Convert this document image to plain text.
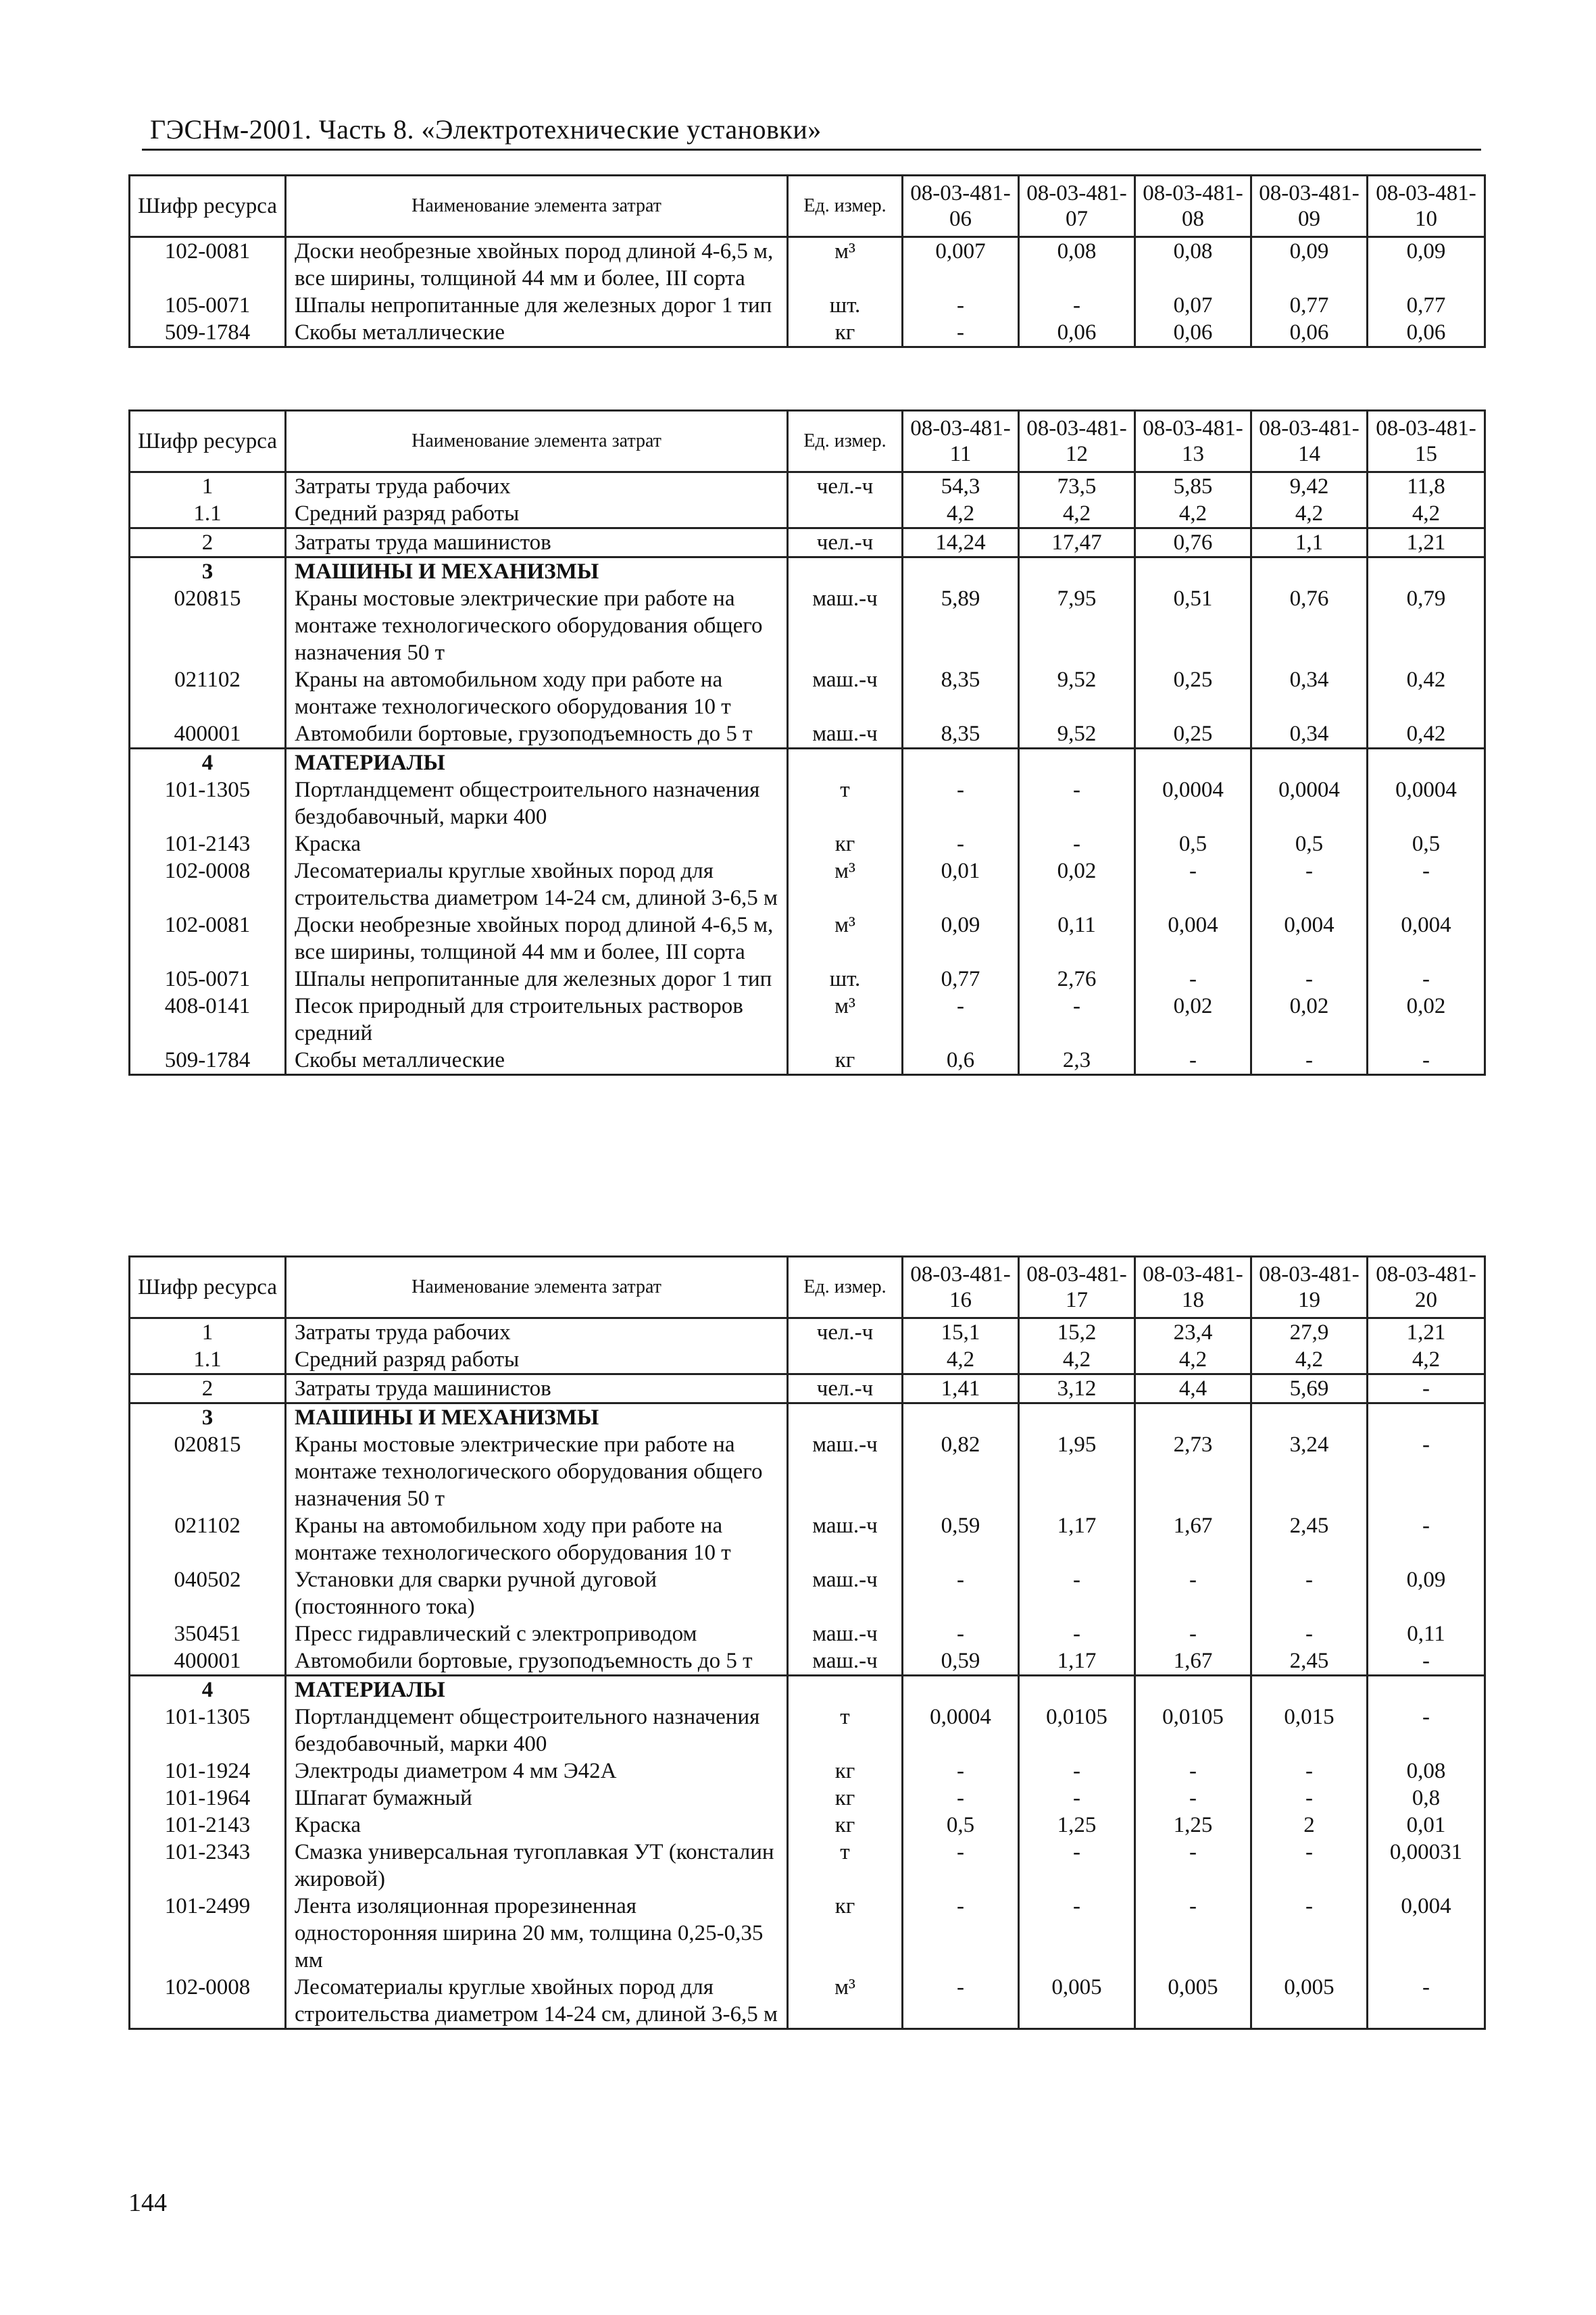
ГЭСНм-2001. Часть 8. «Электротехнические установки»
Шифр ресурса	Наименование элемента затрат	Ед. измер.	08-03-481-06	08-03-481-07	08-03-481-08	08-03-481-09	08-03-481-10
102-0081	Доски необрезные хвойных пород длиной 4-6,5 м, все ширины, толщиной 44 мм и более, III сорта	м³	0,007	0,08	0,08	0,09	0,09
105-0071	Шпалы непропитанные для железных дорог 1 тип	шт.	-	-	0,07	0,77	0,77
509-1784	Скобы металлические	кг	-	0,06	0,06	0,06	0,06
Шифр ресурса	Наименование элемента затрат	Ед. измер.	08-03-481-11	08-03-481-12	08-03-481-13	08-03-481-14	08-03-481-15
1	Затраты труда рабочих	чел.-ч	54,3	73,5	5,85	9,42	11,8
1.1	Средний разряд работы		4,2	4,2	4,2	4,2	4,2
2	Затраты труда машинистов	чел.-ч	14,24	17,47	0,76	1,1	1,21
3	МАШИНЫ И МЕХАНИЗМЫ						
020815	Краны мостовые электрические при работе на монтаже технологического оборудования общего назначения 50 т	маш.-ч	5,89	7,95	0,51	0,76	0,79
021102	Краны на автомобильном ходу при работе на монтаже технологического оборудования 10 т	маш.-ч	8,35	9,52	0,25	0,34	0,42
400001	Автомобили бортовые, грузоподъемность до 5 т	маш.-ч	8,35	9,52	0,25	0,34	0,42
4	МАТЕРИАЛЫ						
101-1305	Портландцемент общестроительного назначения бездобавочный, марки 400	т	-	-	0,0004	0,0004	0,0004
101-2143	Краска	кг	-	-	0,5	0,5	0,5
102-0008	Лесоматериалы круглые хвойных пород для строительства диаметром 14-24 см, длиной 3-6,5 м	м³	0,01	0,02	-	-	-
102-0081	Доски необрезные хвойных пород длиной 4-6,5 м, все ширины, толщиной 44 мм и более, III сорта	м³	0,09	0,11	0,004	0,004	0,004
105-0071	Шпалы непропитанные для железных дорог 1 тип	шт.	0,77	2,76	-	-	-
408-0141	Песок природный для строительных растворов средний	м³	-	-	0,02	0,02	0,02
509-1784	Скобы металлические	кг	0,6	2,3	-	-	-
Шифр ресурса	Наименование элемента затрат	Ед. измер.	08-03-481-16	08-03-481-17	08-03-481-18	08-03-481-19	08-03-481-20
1	Затраты труда рабочих	чел.-ч	15,1	15,2	23,4	27,9	1,21
1.1	Средний разряд работы		4,2	4,2	4,2	4,2	4,2
2	Затраты труда машинистов	чел.-ч	1,41	3,12	4,4	5,69	-
3	МАШИНЫ И МЕХАНИЗМЫ						
020815	Краны мостовые электрические при работе на монтаже технологического оборудования общего назначения 50 т	маш.-ч	0,82	1,95	2,73	3,24	-
021102	Краны на автомобильном ходу при работе на монтаже технологического оборудования 10 т	маш.-ч	0,59	1,17	1,67	2,45	-
040502	Установки для сварки ручной дуговой (постоянного тока)	маш.-ч	-	-	-	-	0,09
350451	Пресс гидравлический с электроприводом	маш.-ч	-	-	-	-	0,11
400001	Автомобили бортовые, грузоподъемность до 5 т	маш.-ч	0,59	1,17	1,67	2,45	-
4	МАТЕРИАЛЫ						
101-1305	Портландцемент общестроительного назначения бездобавочный, марки 400	т	0,0004	0,0105	0,0105	0,015	-
101-1924	Электроды диаметром 4 мм Э42А	кг	-	-	-	-	0,08
101-1964	Шпагат бумажный	кг	-	-	-	-	0,8
101-2143	Краска	кг	0,5	1,25	1,25	2	0,01
101-2343	Смазка универсальная тугоплавкая УТ (консталин жировой)	т	-	-	-	-	0,00031
101-2499	Лента изоляционная прорезиненная односторонняя ширина 20 мм, толщина 0,25-0,35 мм	кг	-	-	-	-	0,004
102-0008	Лесоматериалы круглые хвойных пород для строительства диаметром 14-24 см, длиной 3-6,5 м	м³	-	0,005	0,005	0,005	-
144
